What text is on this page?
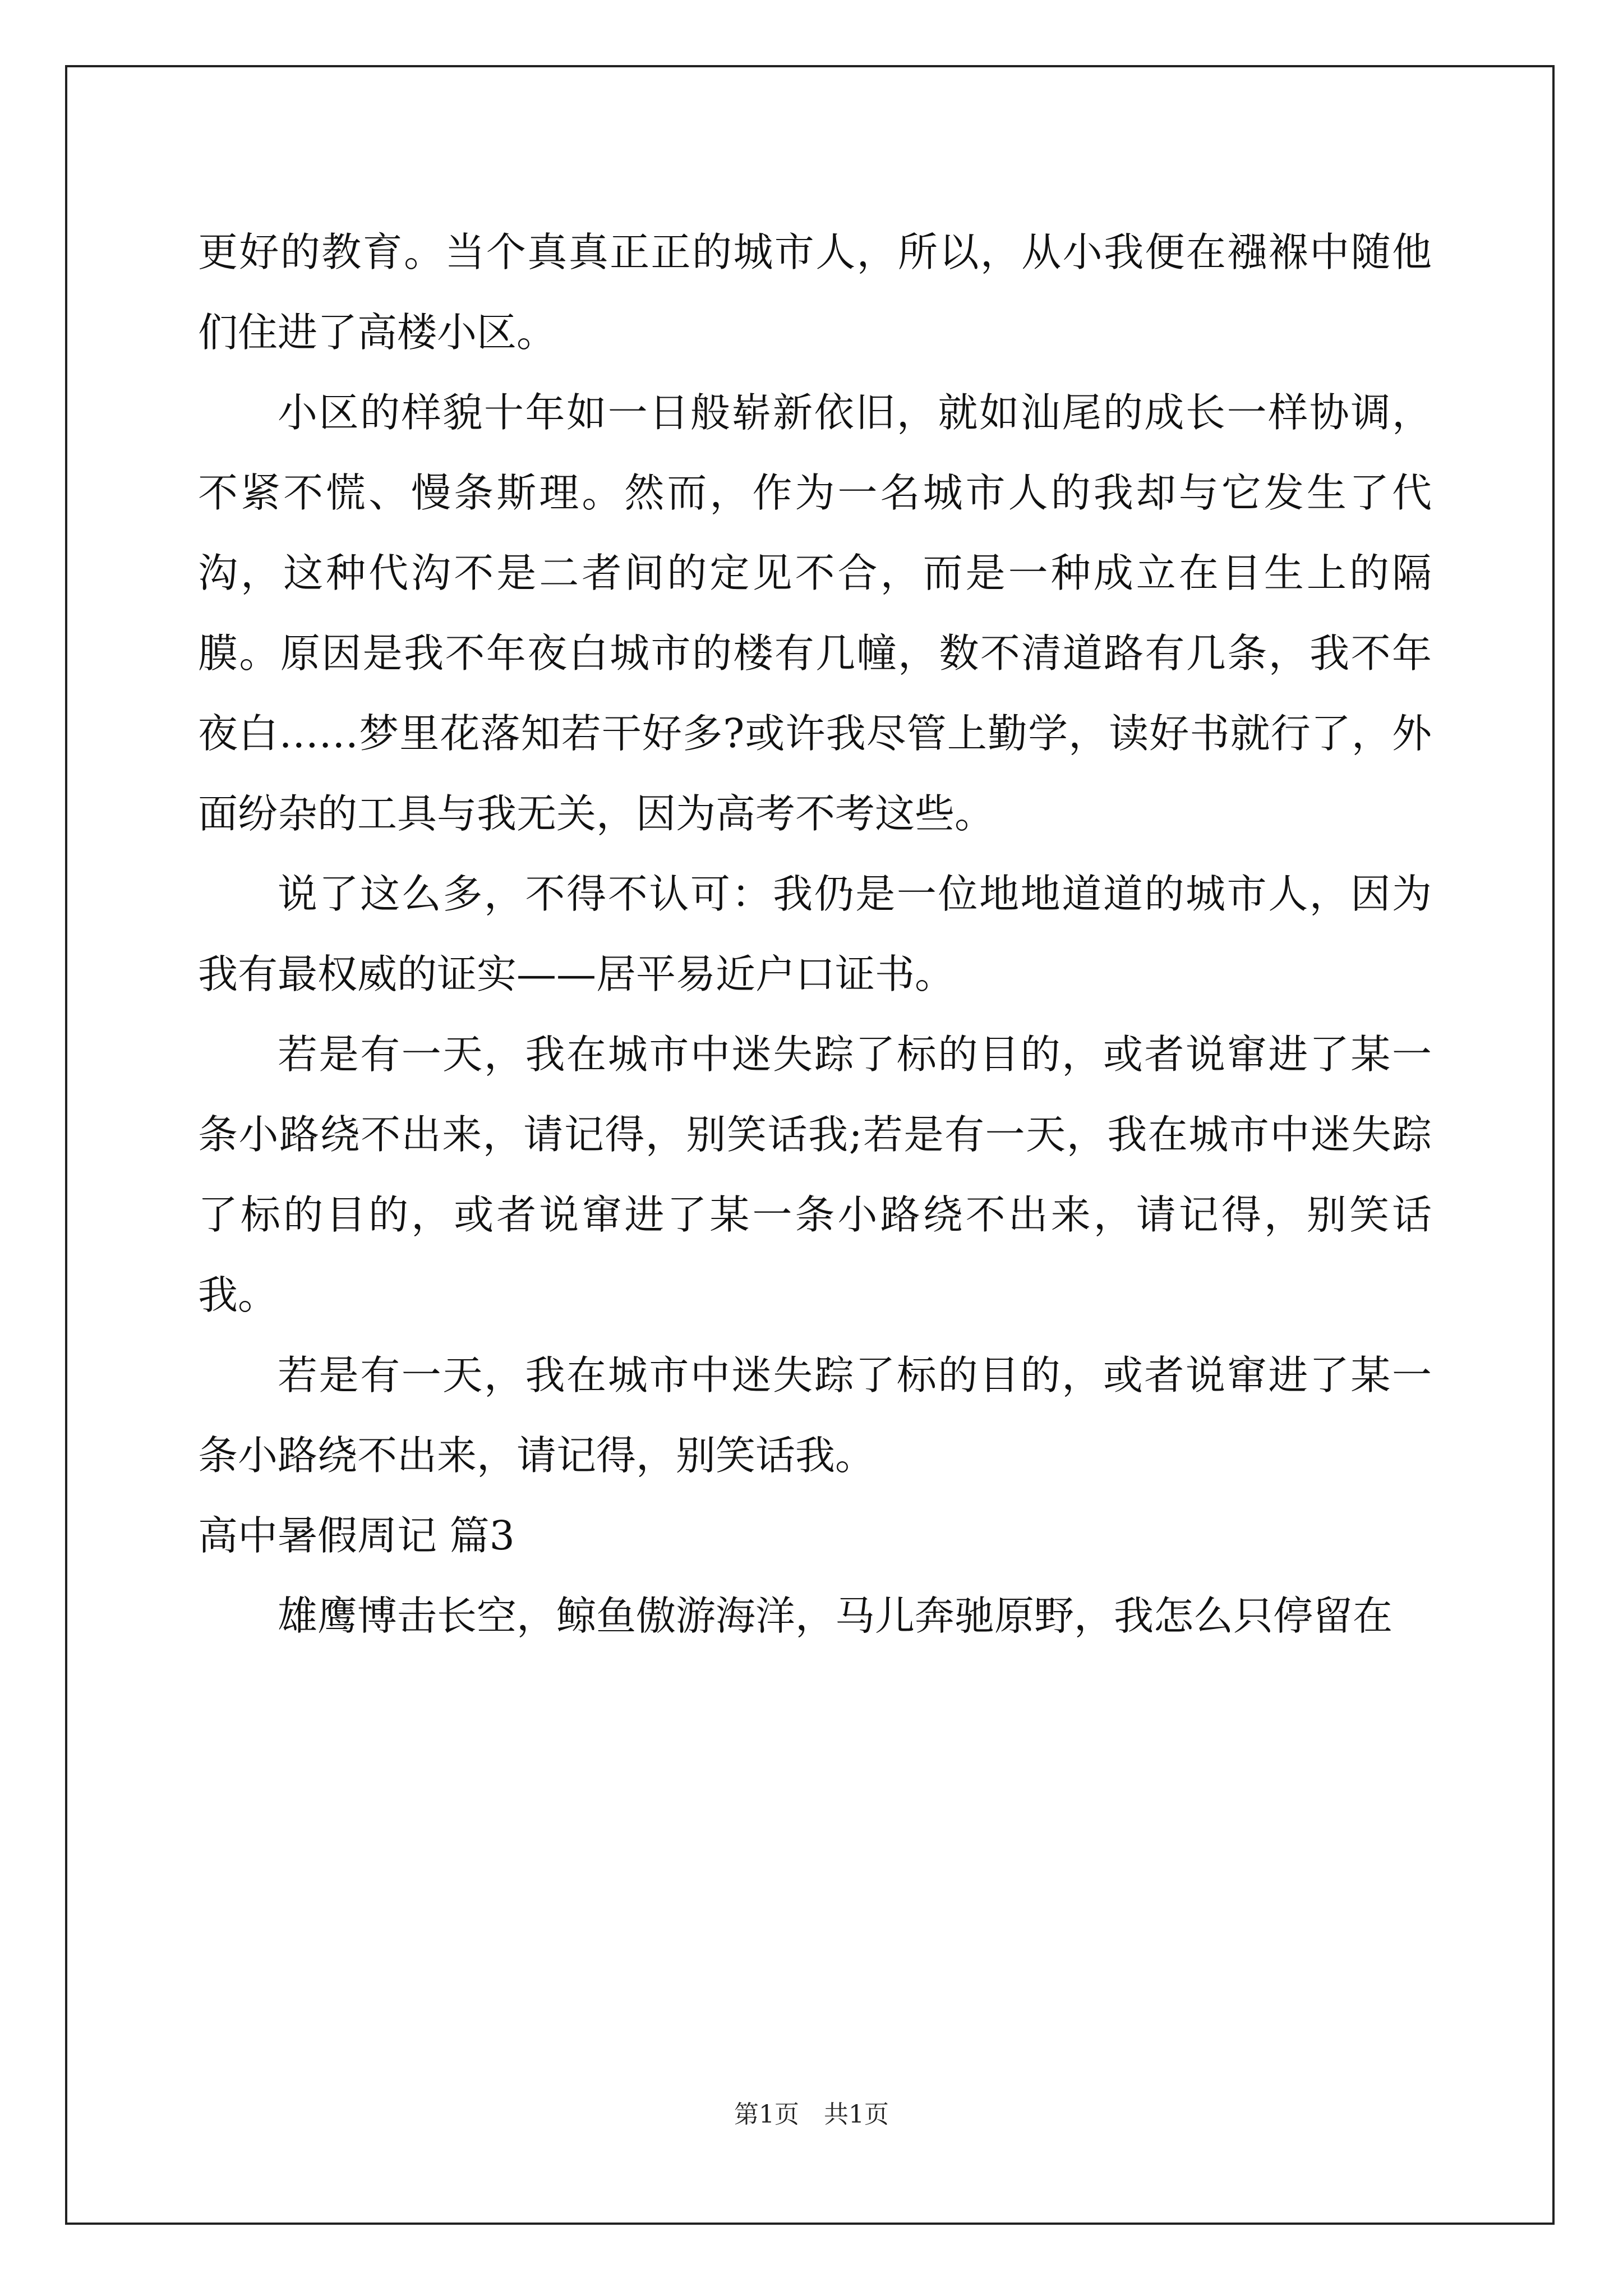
更好的教育。当个真真正正的城市人，所以，从小我便在襁褓中随他们住进了高楼小区。

小区的样貌十年如一日般崭新依旧，就如汕尾的成长一样协调，不紧不慌、慢条斯理。然而，作为一名城市人的我却与它发生了代沟，这种代沟不是二者间的定见不合，而是一种成立在目生上的隔膜。原因是我不年夜白城市的楼有几幢，数不清道路有几条，我不年夜白……梦里花落知若干好多?或许我尽管上勤学，读好书就行了，外面纷杂的工具与我无关，因为高考不考这些。

说了这么多，不得不认可：我仍是一位地地道道的城市人，因为我有最权威的证实——居平易近户口证书。

若是有一天，我在城市中迷失踪了标的目的，或者说窜进了某一条小路绕不出来，请记得，别笑话我;若是有一天，我在城市中迷失踪了标的目的，或者说窜进了某一条小路绕不出来，请记得，别笑话我。

若是有一天，我在城市中迷失踪了标的目的，或者说窜进了某一条小路绕不出来，请记得，别笑话我。

高中暑假周记 篇3

雄鹰博击长空，鲸鱼傲游海洋，马儿奔驰原野，我怎么只停留在

第1页　共1页
